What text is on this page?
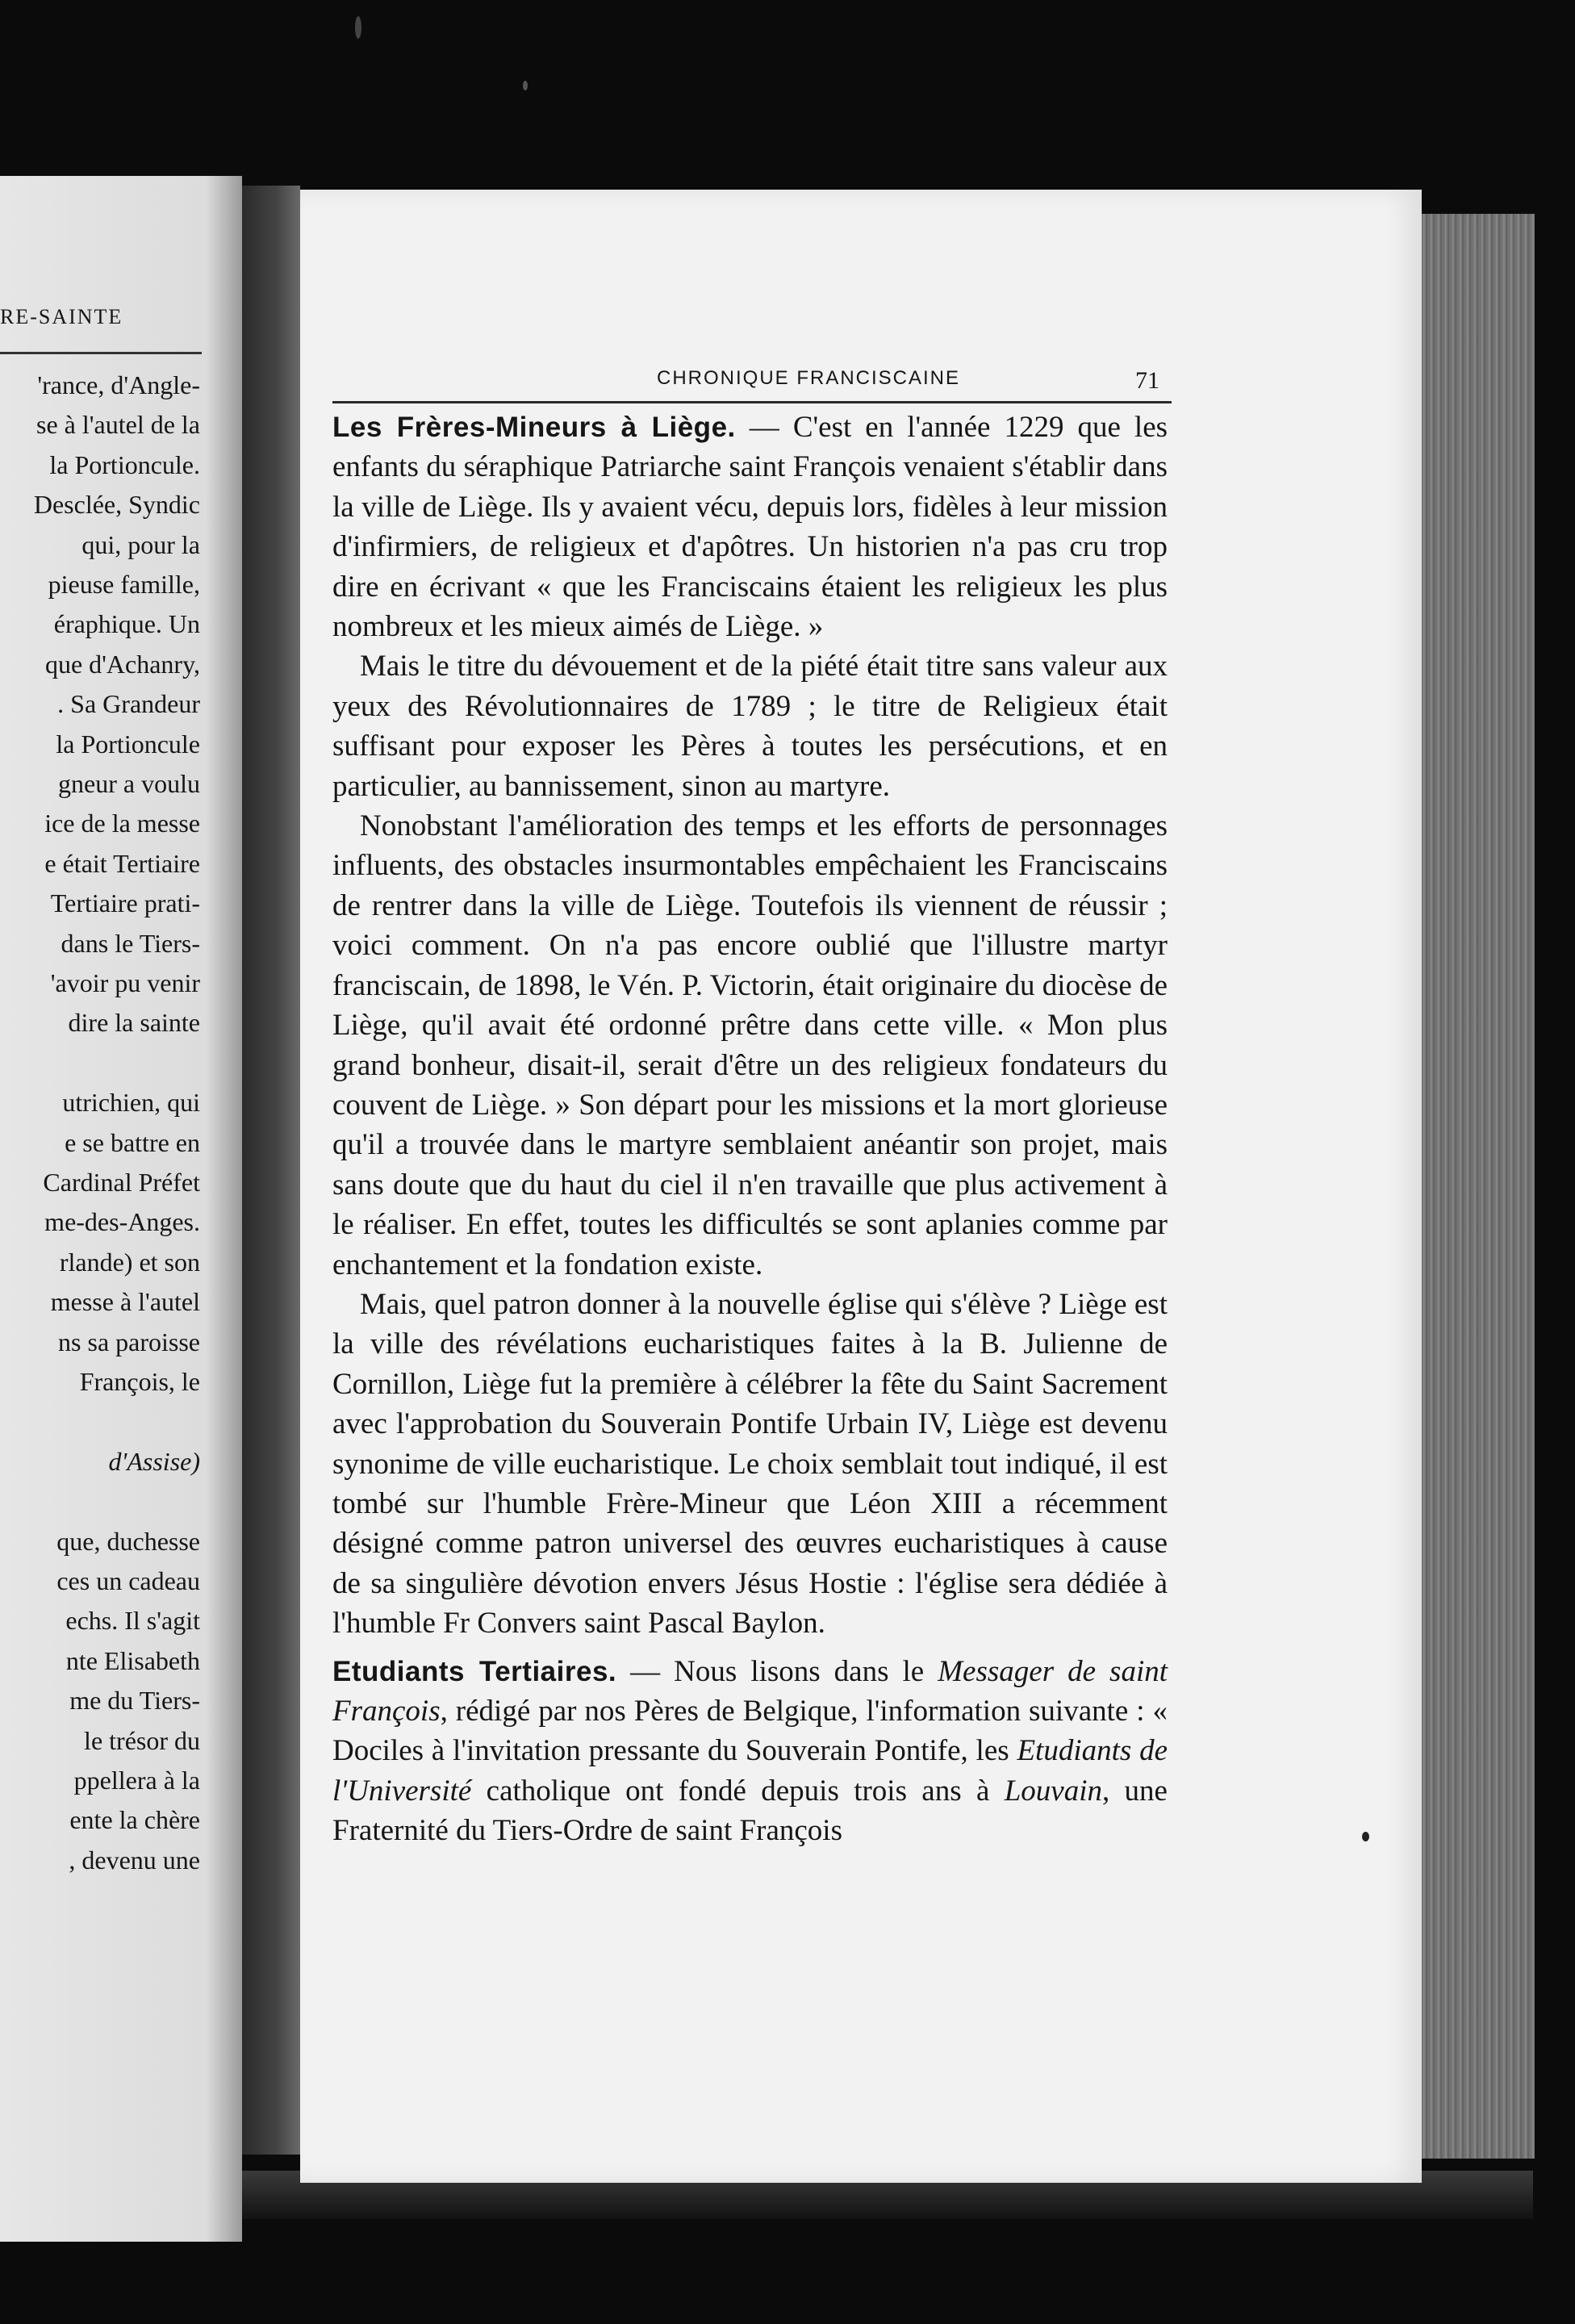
RE-SAINTE
'rance, d'Angle-
se à l'autel de la
la Portioncule.
Desclée, Syndic
qui, pour la
pieuse famille,
éraphique. Un
que d'Achanry,
. Sa Grandeur
la Portioncule
gneur a voulu
ice de la messe
e était Tertiaire
Tertiaire prati-
dans le Tiers-
'avoir pu venir
dire la sainte
utrichien, qui
e se battre en
Cardinal Préfet
me-des-Anges.
rlande) et son
messe à l'autel
ns sa paroisse
François, le
d'Assise)
que, duchesse
ces un cadeau
echs. Il s'agit
nte Elisabeth
me du Tiers-
le trésor du
ppellera à la
ente la chère
, devenu une
CHRONIQUE FRANCISCAINE	71

Les Frères-Mineurs à Liège. — C'est en l'année 1229 que les enfants du séraphique Patriarche saint François venaient s'établir dans la ville de Liège. Ils y avaient vécu, depuis lors, fidèles à leur mission d'infirmiers, de religieux et d'apôtres. Un historien n'a pas cru trop dire en écrivant « que les Franciscains étaient les religieux les plus nombreux et les mieux aimés de Liège. »

Mais le titre du dévouement et de la piété était titre sans valeur aux yeux des Révolutionnaires de 1789 ; le titre de Religieux était suffisant pour exposer les Pères à toutes les persécutions, et en particulier, au bannissement, sinon au martyre.

Nonobstant l'amélioration des temps et les efforts de personnages influents, des obstacles insurmontables empêchaient les Franciscains de rentrer dans la ville de Liège. Toutefois ils viennent de réussir ; voici comment. On n'a pas encore oublié que l'illustre martyr franciscain, de 1898, le Vén. P. Victorin, était originaire du diocèse de Liège, qu'il avait été ordonné prêtre dans cette ville. « Mon plus grand bonheur, disait-il, serait d'être un des religieux fondateurs du couvent de Liège. » Son départ pour les missions et la mort glorieuse qu'il a trouvée dans le martyre semblaient anéantir son projet, mais sans doute que du haut du ciel il n'en travaille que plus activement à le réaliser. En effet, toutes les difficultés se sont aplanies comme par enchantement et la fondation existe.

Mais, quel patron donner à la nouvelle église qui s'élève ? Liège est la ville des révélations eucharistiques faites à la B. Julienne de Cornillon, Liège fut la première à célébrer la fête du Saint Sacrement avec l'approbation du Souverain Pontife Urbain IV, Liège est devenu synonime de ville eucharistique. Le choix semblait tout indiqué, il est tombé sur l'humble Frère-Mineur que Léon XIII a récemment désigné comme patron universel des œuvres eucharistiques à cause de sa singulière dévotion envers Jésus Hostie : l'église sera dédiée à l'humble Fr Convers saint Pascal Baylon.

Etudiants Tertiaires. — Nous lisons dans le Messager de saint François, rédigé par nos Pères de Belgique, l'information suivante : « Dociles à l'invitation pressante du Souverain Pontife, les Etudiants de l'Université catholique ont fondé depuis trois ans à Louvain, une Fraternité du Tiers-Ordre de saint François
